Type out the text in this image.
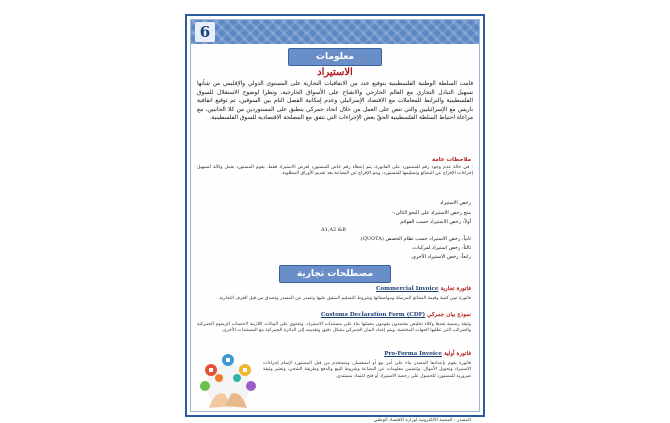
6
معلومات
الاستيراد
قامت السلطة الوطنية الفلسطينية بتوقيع عدد من الاتفاقيات التجارية على المستوى الدولي والإقليمي من شأنها تسهيل التبادل التجاري مع العالم الخارجي والانفتاح على الأسواق الخارجية، ونظرا لوضوح الاستغلال للسوق الفلسطينية والترابط للمعاملات مع الاقتصاد الإسرائيلي وعدم إمكانية الفصل التام بين السوقين، تم توقيع اتفاقية باريس مع الإسرائيليين والتي تنص على العمل من خلال اتحاد جمركي ينطبق على المستوردين من كلا الجانبين، مع مراعاة احتياط السلطة الفلسطينية الحقّ بعض الإجراءات التي تتفق مع المصلحة الاقتصادية للسوق الفلسطينية.
ملاحظات عامة
- في حالة عدم وجود رقم للمستورد على الفاتورة، يتم إعطاء رقم خاص للمستورد لغرض الاستيراد فقط. يقوم المستورد بعمل وكالة لتسهيل إجراءات الإفراج عن البضائع وتسليمها للمستورد، ويتم الإفراج عن البضاعة بعد تقديم الأوراق المطلوبة.
رخص الاستيراد
منح رخص الاستيراد على النحو التالي:-
أولاً: رخص الاستيراد حسب القوائم
A1,A2 &B
ثانياً: رخص الاستيراد حسب نظام الحصص (QUOTA).
ثالثاً: رخص استيراد لمركبات.
رابعاً: رخص الاستيراد الأخرى.
مصطلحات تجارية
فاتورة تجارية Commercial Invoice
فاتورة تبين كمية وقيمة البضائع المرسلة ومواصفاتها وشروط التسليم المتفق عليها وتصدر عن المصدر وتصدق من قبل الغرف التجارية.
نموذج بيان جمركي Customs Declaration Form (CDF)
وثيقة رسمية يعدها وكلاء تخليص معتمدون يقومون بتعبئتها بناء على مستندات الاستيراد، وتحتوي على البيانات اللازمة لاحتساب الرسوم الجمركية والضرائب التي تطلبها الجهات المختصة، ويتم إعداد البيان الجمركي بشكل دقيق وتقديمه إلى الدائرة الجمركية مع المستندات الأخرى.
فاتورة أولية Pro-Forma Invoice
فاتورة يقوم بإعدادها المصدر بناء على أمر بيع أو استفسار، وتستخدم من قبل المستورد لإتمام إجراءات الاستيراد وتحويل الأموال، وتتضمن معلومات عن البضاعة وشروط البيع والدفع وطريقة الشحن، وتعتبر وثيقة ضرورية للمستورد للحصول على رخصة الاستيراد أو فتح اعتماد مستندي.
المصدر : المنصة الالكترونية لوزارة الاقتصاد الوطني
